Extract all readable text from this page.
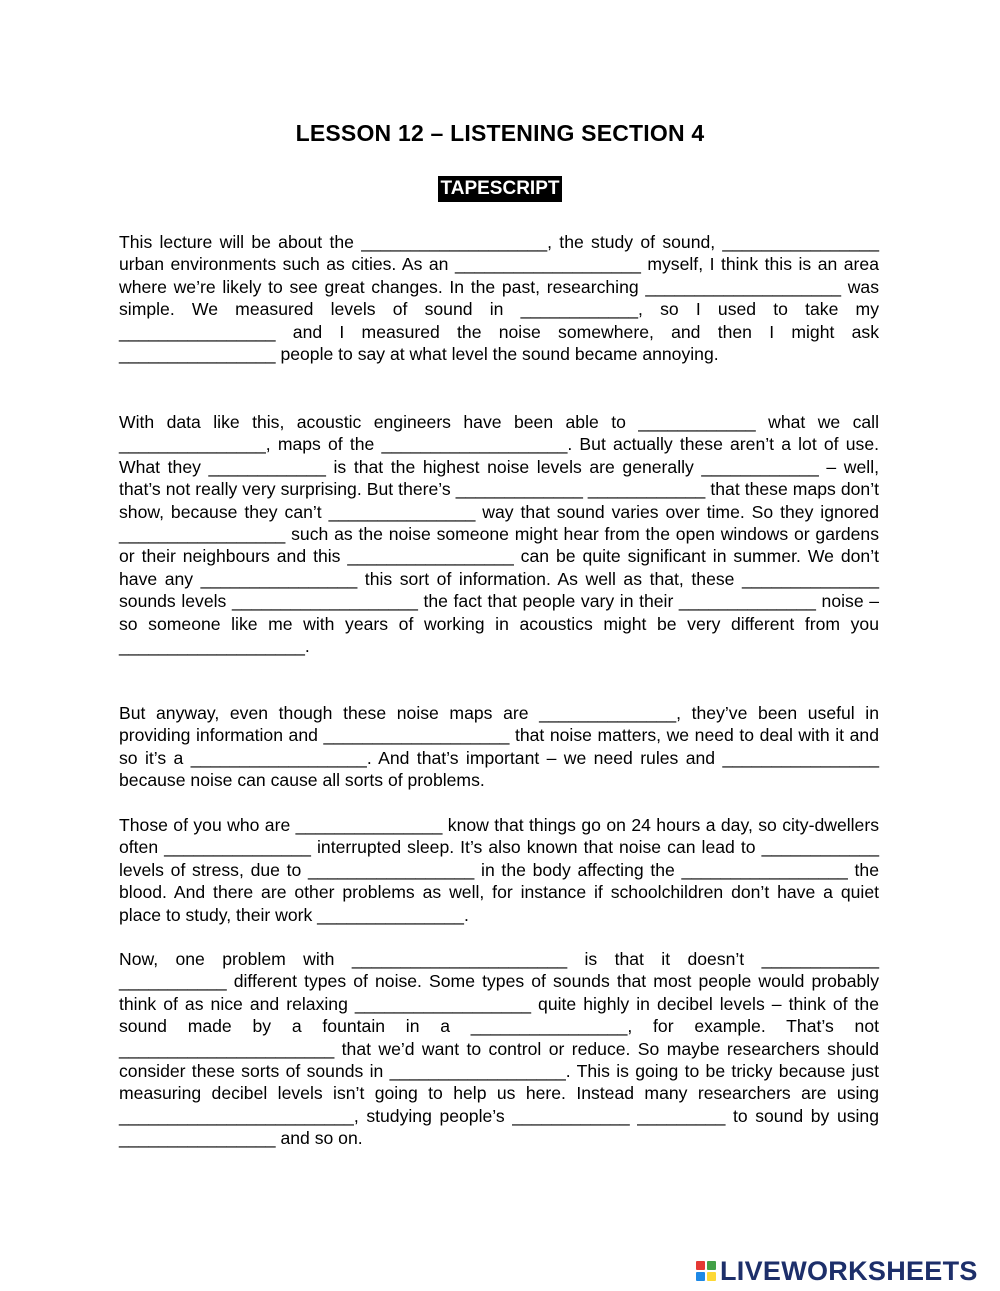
LESSON 12 – LISTENING SECTION 4
TAPESCRIPT

This lecture will be about the ___________________, the study of sound, ________________ urban environments such as cities. As an ___________________ myself, I think this is an area where we’re likely to see great changes. In the past, researching ____________________ was simple. We measured levels of sound in ____________, so I used to take my ________________ and I measured the noise somewhere, and then I might ask ________________ people to say at what level the sound became annoying.

With data like this, acoustic engineers have been able to ____________ what we call _______________, maps of the ___________________. But actually these aren’t a lot of use. What they ____________ is that the highest noise levels are generally ____________ – well, that’s not really very surprising. But there’s _____________ ____________ that these maps don’t show, because they can’t _______________ way that sound varies over time. So they ignored _________________ such as the noise someone might hear from the open windows or gardens or their neighbours and this _________________ can be quite significant in summer. We don’t have any ________________ this sort of information. As well as that, these ______________ sounds levels ___________________ the fact that people vary in their ______________ noise – so someone like me with years of working in acoustics might be very different from you ___________________.

But anyway, even though these noise maps are ______________, they’ve been useful in providing information and ___________________ that noise matters, we need to deal with it and so it’s a __________________. And that’s important – we need rules and ________________ because noise can cause all sorts of problems.

Those of you who are _______________ know that things go on 24 hours a day, so city-dwellers often _______________ interrupted sleep. It’s also known that noise can lead to ____________ levels of stress, due to _________________ in the body affecting the _________________ the blood. And there are other problems as well, for instance if schoolchildren don’t have a quiet place to study, their work _______________.

Now, one problem with ______________________ is that it doesn’t ____________ ___________ different types of noise. Some types of sounds that most people would probably think of as nice and relaxing __________________ quite highly in decibel levels – think of the sound made by a fountain in a ________________, for example. That’s not ______________________ that we’d want to control or reduce. So maybe researchers should consider these sorts of sounds in __________________. This is going to be tricky because just measuring decibel levels isn’t going to help us here. Instead many researchers are using ________________________, studying people’s ____________ _________ to sound by using ________________ and so on.

LIVEWORKSHEETS
